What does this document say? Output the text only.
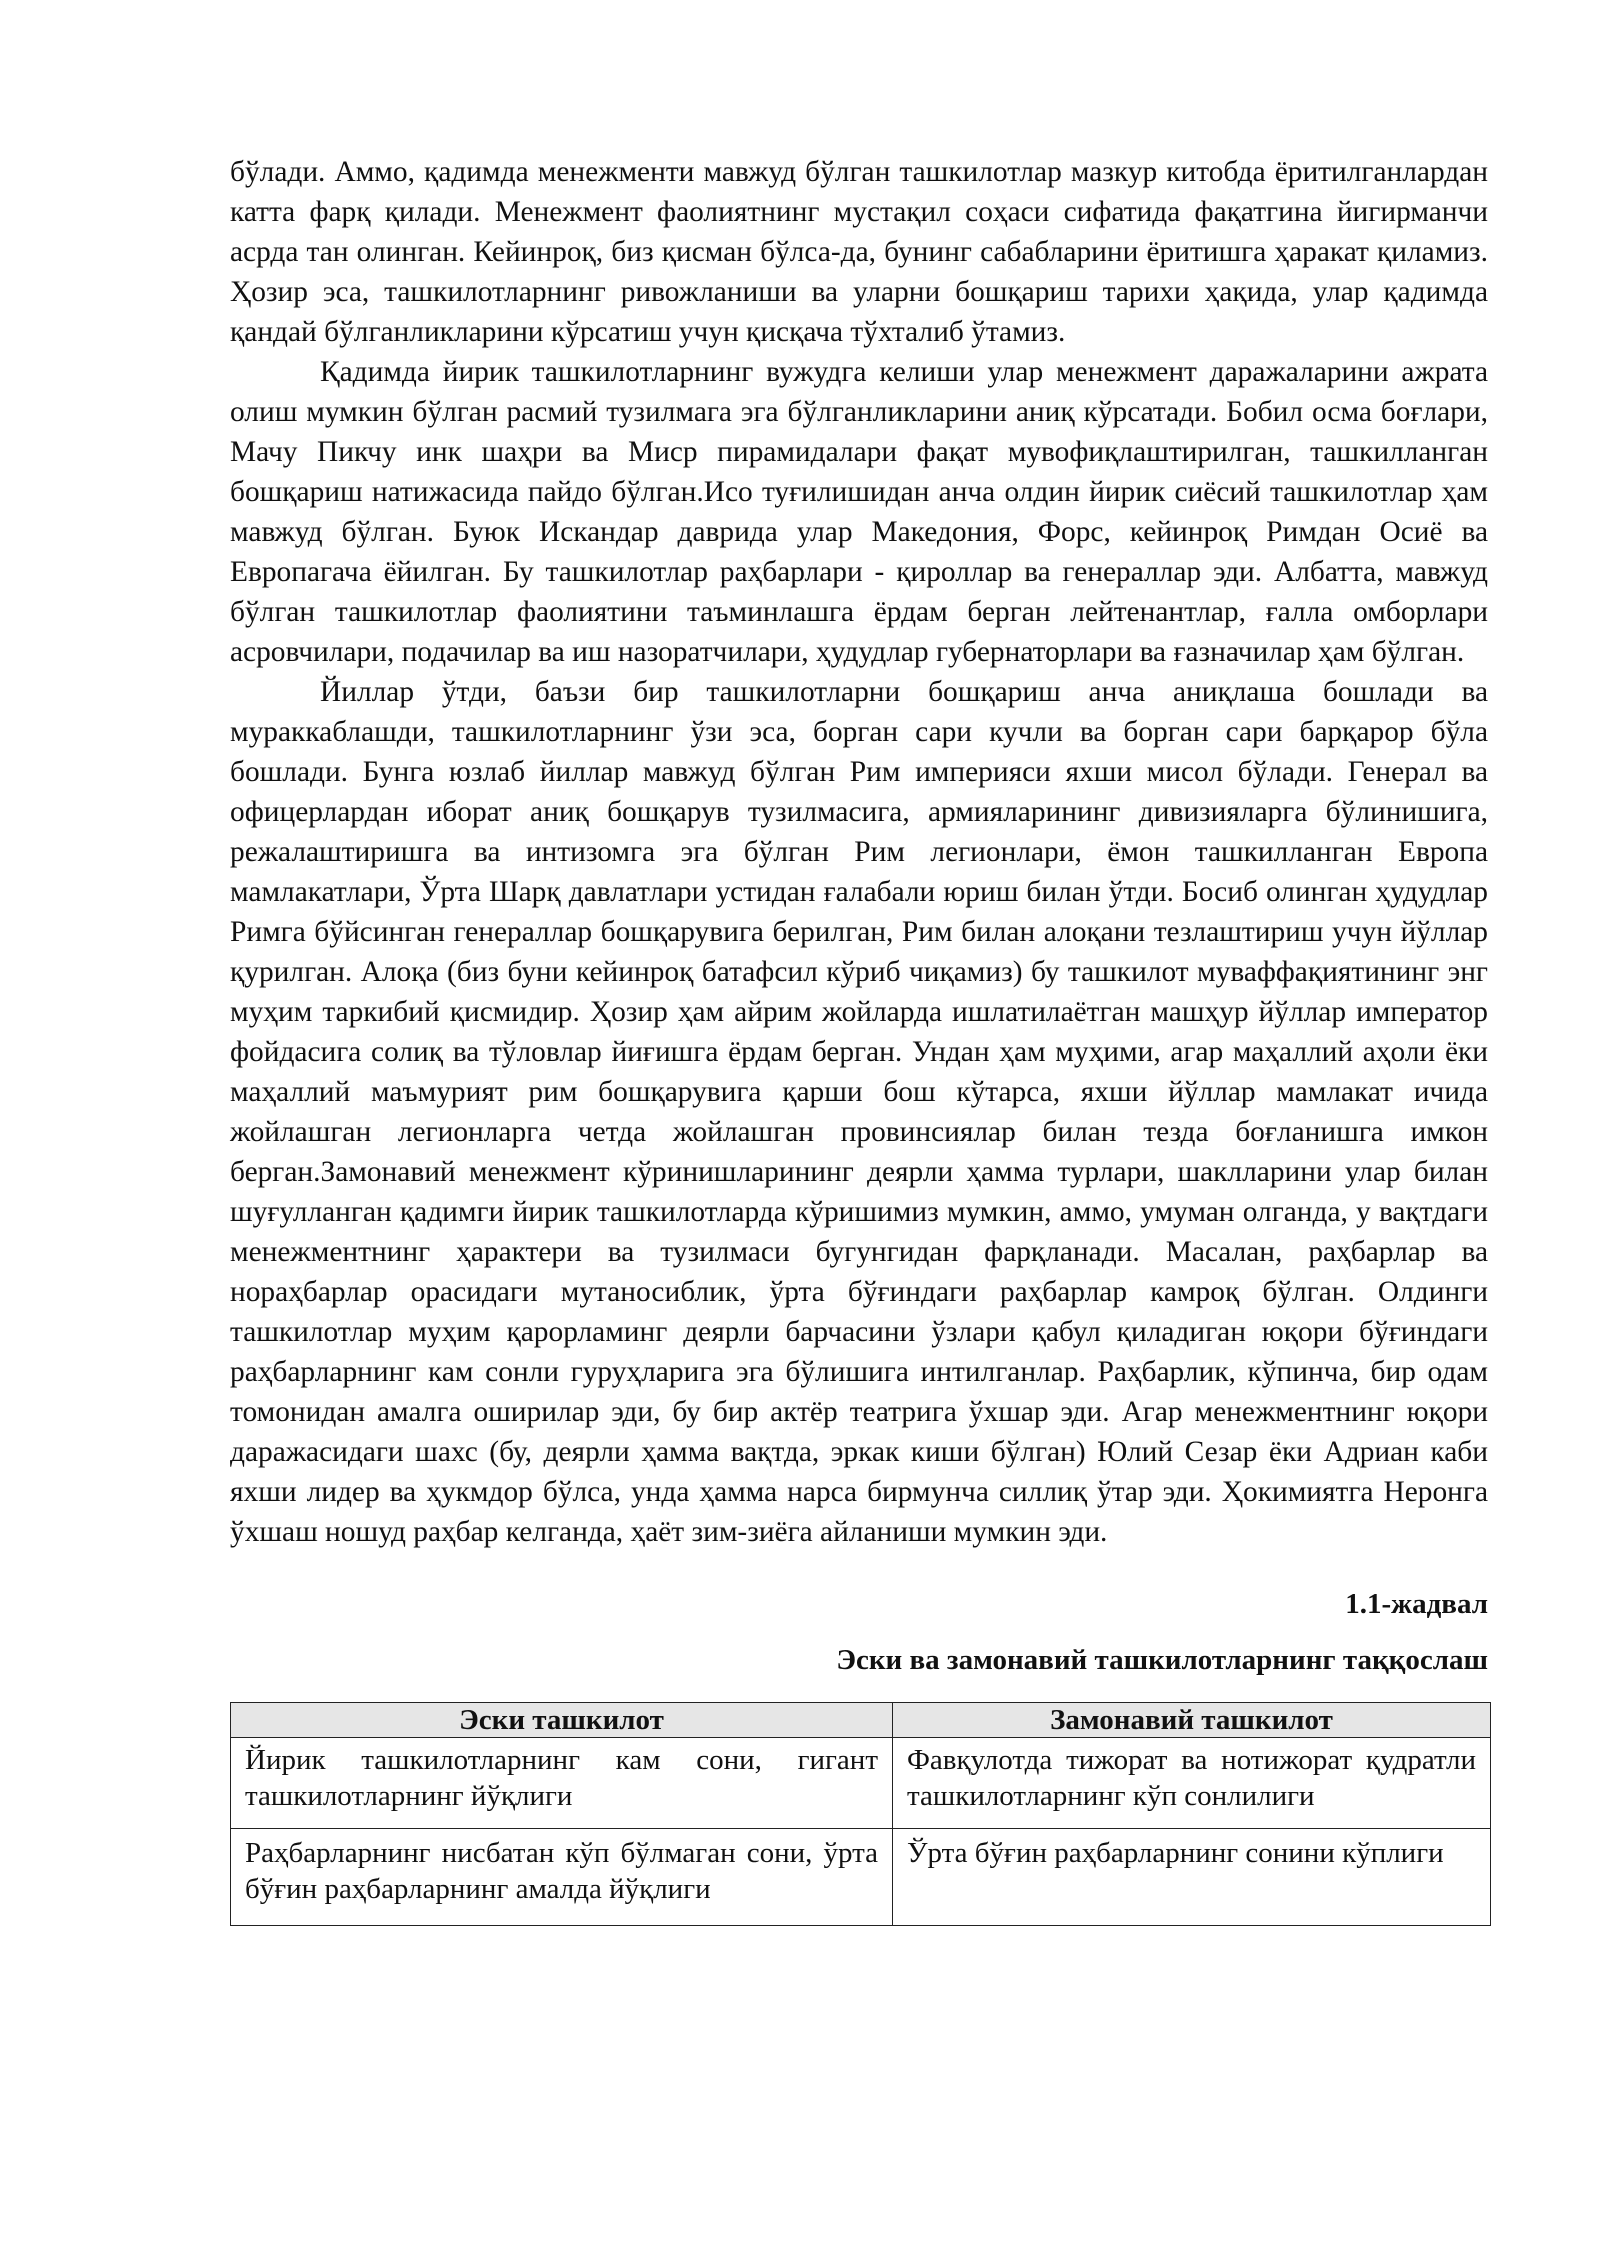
бўлади. Аммо, қадимда менежменти мавжуд бўлган ташкилотлар мазкур китобда ёритилганлардан катта фарқ қилади. Менежмент фаолиятнинг мустақил соҳаси сифатида фақатгина йигирманчи асрда тан олинган. Кейинроқ, биз қисман бўлса-да, бунинг сабабларини ёритишга ҳаракат қиламиз. Ҳозир эса, ташкилотларнинг ривожланиши ва уларни бошқариш тарихи ҳақида, улар қадимда қандай бўлганликларини кўрсатиш учун қисқача тўхталиб ўтамиз.

Қадимда йирик ташкилотларнинг вужудга келиши улар менежмент даражаларини ажрата олиш мумкин бўлган расмий тузилмага эга бўлганликларини аниқ кўрсатади. Бобил осма боғлари, Мачу Пикчу инк шаҳри ва Миср пирамидалари фақат мувофиқлаштирилган, ташкилланган бошқариш натижасида пайдо бўлган.Исо туғилишидан анча олдин йирик сиёсий ташкилотлар ҳам мавжуд бўлган. Буюк Искандар даврида улар Македония, Форс, кейинроқ Римдан Осиё ва Европагача ёйилган. Бу ташкилотлар раҳбарлари - қироллар ва генераллар эди. Албатта, мавжуд бўлган ташкилотлар фаолиятини таъминлашга ёрдам берган лейтенантлар, ғалла омборлари асровчилари, подачилар ва иш назоратчилари, ҳудудлар губернаторлари ва ғазначилар ҳам бўлган.

Йиллар ўтди, баъзи бир ташкилотларни бошқариш анча аниқлаша бошлади ва мураккаблашди, ташкилотларнинг ўзи эса, борган сари кучли ва борган сари барқарор бўла бошлади. Бунга юзлаб йиллар мавжуд бўлган Рим империяси яхши мисол бўлади. Генерал ва офицерлардан иборат аниқ бошқарув тузилмасига, армияларининг дивизияларга бўлинишига, режалаштиришга ва интизомга эга бўлган Рим легионлари, ёмон ташкилланган Европа мамлакатлари, Ўрта Шарқ давлатлари устидан ғалабали юриш билан ўтди. Босиб олинган ҳудудлар Римга бўйсинган генераллар бошқарувига берилган, Рим билан алоқани тезлаштириш учун йўллар қурилган. Алоқа (биз буни кейинроқ батафсил кўриб чиқамиз) бу ташкилот муваффақиятининг энг муҳим таркибий қисмидир. Ҳозир ҳам айрим жойларда ишлатилаётган машҳур йўллар император фойдасига солиқ ва тўловлар йиғишга ёрдам берган. Ундан ҳам муҳими, агар маҳаллий аҳоли ёки маҳаллий маъмурият рим бошқарувига қарши бош кўтарса, яхши йўллар мамлакат ичида жойлашган легионларга четда жойлашган провинсиялар билан тезда боғланишга имкон берган.Замонавий менежмент кўринишларининг деярли ҳамма турлари, шаклларини улар билан шуғулланган қадимги йирик ташкилотларда кўришимиз мумкин, аммо, умуман олганда, у вақтдаги менежментнинг ҳарактери ва тузилмаси бугунгидан фарқланади. Масалан, раҳбарлар ва нораҳбарлар орасидаги мутаносиблик, ўрта бўғиндаги раҳбарлар камроқ бўлган. Олдинги ташкилотлар муҳим қарорламинг деярли барчасини ўзлари қабул қиладиган юқори бўғиндаги раҳбарларнинг кам сонли гуруҳларига эга бўлишига интилганлар. Раҳбарлик, кўпинча, бир одам томонидан амалга оширилар эди, бу бир актёр театрига ўхшар эди. Агар менежментнинг юқори даражасидаги шахс (бу, деярли ҳамма вақтда, эркак киши бўлган) Юлий Сезар ёки Адриан каби яхши лидер ва ҳукмдор бўлса, унда ҳамма нарса бирмунча силлиқ ўтар эди. Ҳокимиятга Неронга ўхшаш ношуд раҳбар келганда, ҳаёт зим-зиёга айланиши мумкин эди.

1.1-жадвал

Эски ва замонавий ташкилотларнинг таққослаш

Эски ташкилот	Замонавий ташкилот
Йирик ташкилотларнинг кам сони, гигант ташкилотларнинг йўқлиги	Фавқулотда тижорат ва нотижорат қудратли ташкилотларнинг кўп сонлилиги
Раҳбарларнинг нисбатан кўп бўлмаган сони, ўрта бўғин раҳбарларнинг амалда йўқлиги	Ўрта бўғин раҳбарларнинг сонини кўплиги
